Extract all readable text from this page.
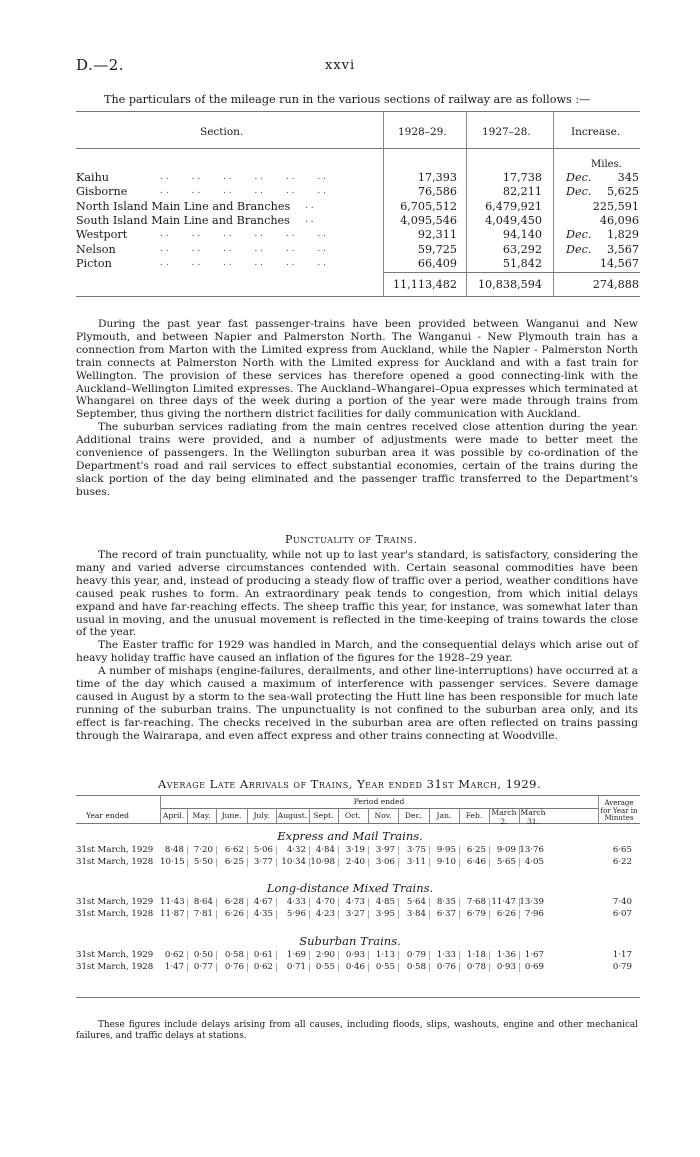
D.—2.	xxvi
The particulars of the mileage run in the various sections of railway are as follows :—
Section.	1928–29.	1927–28.	Increase.
Miles.
Kaihu	. .        . .        . .        . .        . .        . .	17,393	17,738 Dec.	345
Gisborne	. .        . .        . .        . .        . .        . .	76,586	82,211 Dec.	5,625
North Island Main Line and Branches . .	6,705,512	6,479,921	225,591
South Island Main Line and Branches . .	4,095,546	4,049,450	46,096
Westport	. .        . .        . .        . .        . .        . .	92,311	94,140 Dec.	1,829
Nelson	. .        . .        . .        . .        . .        . .	59,725	63,292 Dec.	3,567
Picton	. .        . .        . .        . .        . .        . .	66,409	51,842	14,567
11,113,482	10,838,594	274,888

During the past year fast passenger-trains have been provided between Wanganui and New Plymouth, and between Napier and Palmerston North. The Wanganui - New Plymouth train has a connection from Marton with the Limited express from Auckland, while the Napier - Palmerston North train connects at Palmerston North with the Limited express for Auckland and with a fast train for Wellington. The provision of these services has therefore opened a good connecting-link with the Auckland–Wellington Limited expresses. The Auckland–Whangarei–Opua expresses which terminated at Whangarei on three days of the week during a portion of the year were made through trains from September, thus giving the northern district facilities for daily communication with Auckland.

The suburban services radiating from the main centres received close attention during the year. Additional trains were provided, and a number of adjustments were made to better meet the convenience of passengers. In the Wellington suburban area it was possible by co-ordination of the Department's road and rail services to effect substantial economies, certain of the trains during the slack portion of the day being eliminated and the passenger traffic transferred to the Department's buses.

Punctuality of Trains.

The record of train punctuality, while not up to last year's standard, is satisfactory, considering the many and varied adverse circumstances contended with. Certain seasonal commodities have been heavy this year, and, instead of producing a steady flow of traffic over a period, weather conditions have caused peak rushes to form. An extraordinary peak tends to congestion, from which initial delays expand and have far-reaching effects. The sheep traffic this year, for instance, was somewhat later than usual in moving, and the unusual movement is reflected in the time-keeping of trains towards the close of the year.

The Easter traffic for 1929 was handled in March, and the consequential delays which arise out of heavy holiday traffic have caused an inflation of the figures for the 1928–29 year.

A number of mishaps (engine-failures, derailments, and other line-interruptions) have occurred at a time of the day which caused a maximum of interference with passenger services. Severe damage caused in August by a storm to the sea-wall protecting the Hutt line has been responsible for much late running of the suburban trains. The unpunctuality is not confined to the suburban area only, and its effect is far-reaching. The checks received in the suburban area are often reflected on trains passing through the Wairarapa, and even affect express and other trains connecting at Woodville.

Average Late Arrivals of Trains, Year ended 31st March, 1929.
Year ended
Period ended	Average for Year in Minutes
April.	May.	June.	July.	August. Sept.	Oct.	Nov.	Dec.	Jan.	Feb.	March 2.
March 31.
Express and Mail Trains.
31st March, 1929	8·48	7·20	6·62	5·06	4·32	4·84	3·19	3·97	3·75	9·95	6·25	9·09 13·76	6·65
31st March, 1928 10·15	5·50	6·25	3·77 10·34 10·98	2·40	3·06	3·11	9·10	6·46	5·65	4·05	6·22
Long-distance Mixed Trains.
31st March, 1929 11·43	8·64	6·28	4·67	4·33	4·70	4·73	4·85	5·64	8·35	7·68 11·47 13·39	7·40
31st March, 1928 11·87	7·81	6·26	4·35	5·96	4·23	3·27	3·95	3·84	6·37	6·79	6·26	7·96	6·07
Suburban Trains.
31st March, 1929	0·62	0·50	0·58	0·61	1·69	2·90	0·93	1·13	0·79	1·33	1·18	1·36	1·67	1·17
31st March, 1928	1·47	0·77	0·76	0·62	0·71	0·55	0·46	0·55	0·58	0·76	0·78	0·93	0·69	0·79

These figures include delays arising from all causes, including floods, slips, washouts, engine and other mechanical failures, and traffic delays at stations.
